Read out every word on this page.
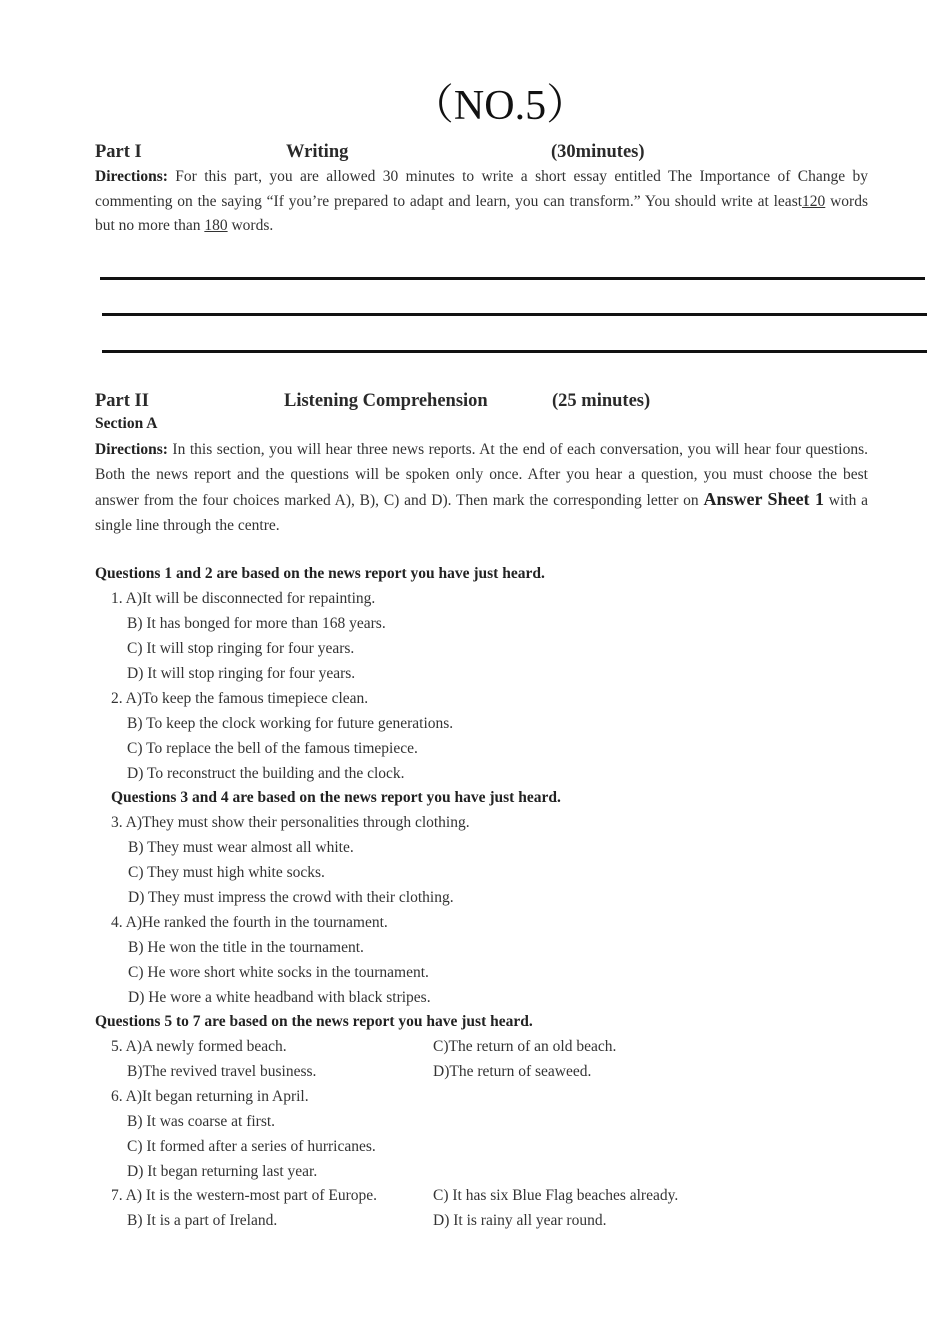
（NO.5）
Part I	Writing	(30minutes)
Directions: For this part, you are allowed 30 minutes to write a short essay entitled The Importance of Change by commenting on the saying “If you’re prepared to adapt and learn, you can transform.” You should write at least120 words but no more than 180 words.
Part II	Listening Comprehension	(25 minutes)
Section A
Directions: In this section, you will hear three news reports. At the end of each conversation, you will hear four questions. Both the news report and the questions will be spoken only once. After you hear a question, you must choose the best answer from the four choices marked A), B), C) and D). Then mark the corresponding letter on Answer Sheet 1 with a single line through the centre.
Questions 1 and 2 are based on the news report you have just heard.
1. A)It will be disconnected for repainting.
B) It has bonged for more than 168 years.
C) It will stop ringing for four years.
D) It will stop ringing for four years.
2. A)To keep the famous timepiece clean.
B) To keep the clock working for future generations.
C) To replace the bell of the famous timepiece.
D) To reconstruct the building and the clock.
Questions 3 and 4 are based on the news report you have just heard.
3. A)They must show their personalities through clothing.
B) They must wear almost all white.
C) They must high white socks.
D) They must impress the crowd with their clothing.
4. A)He ranked the fourth in the tournament.
B) He won the title in the tournament.
C) He wore short white socks in the tournament.
D) He wore a white headband with black stripes.
Questions 5 to 7 are based on the news report you have just heard.
5. A)A newly formed beach.	C)The return of an old beach.
B)The revived travel business.	D)The return of seaweed.
6. A)It began returning in April.
B) It was coarse at first.
C) It formed after a series of hurricanes.
D) It began returning last year.
7. A) It is the western-most part of Europe.	C) It has six Blue Flag beaches already.
B) It is a part of Ireland.	D) It is rainy all year round.
